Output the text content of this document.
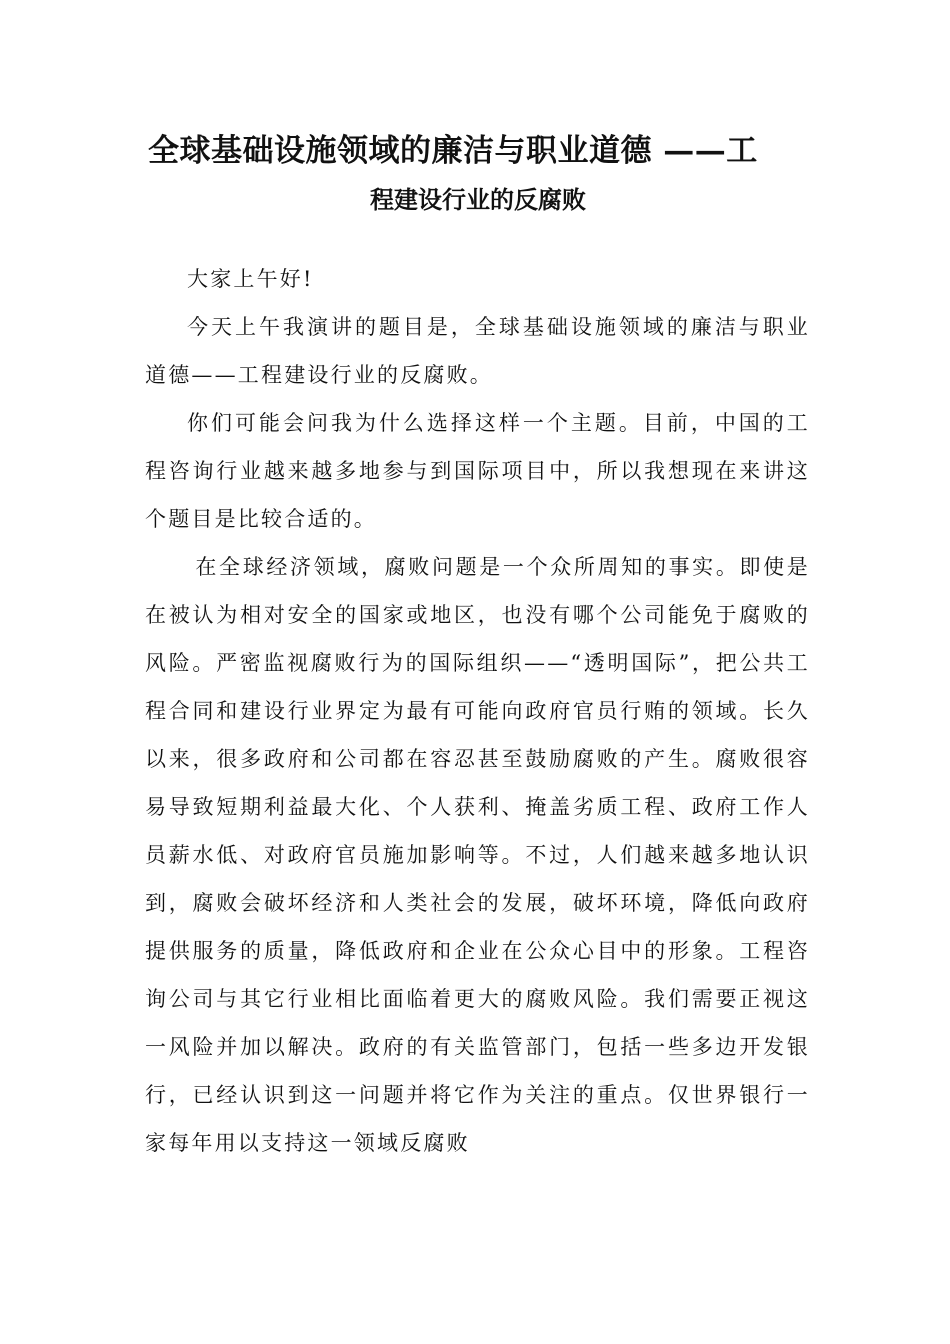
全球基础设施领域的廉洁与职业道德 ——工
程建设行业的反腐败

大家上午好!

今天上午我演讲的题目是，全球基础设施领域的廉洁与职业道德——工程建设行业的反腐败。

你们可能会问我为什么选择这样一个主题。目前，中国的工程咨询行业越来越多地参与到国际项目中，所以我想现在来讲这个题目是比较合适的。

在全球经济领域，腐败问题是一个众所周知的事实。即使是在被认为相对安全的国家或地区，也没有哪个公司能免于腐败的风险。严密监视腐败行为的国际组织——“透明国际”，把公共工程合同和建设行业界定为最有可能向政府官员行贿的领域。长久以来，很多政府和公司都在容忍甚至鼓励腐败的产生。腐败很容易导致短期利益最大化、个人获利、掩盖劣质工程、政府工作人员薪水低、对政府官员施加影响等。不过，人们越来越多地认识到，腐败会破坏经济和人类社会的发展，破坏环境，降低向政府提供服务的质量，降低政府和企业在公众心目中的形象。工程咨询公司与其它行业相比面临着更大的腐败风险。我们需要正视这一风险并加以解决。政府的有关监管部门，包括一些多边开发银行，已经认识到这一问题并将它作为关注的重点。仅世界银行一家每年用以支持这一领域反腐败
